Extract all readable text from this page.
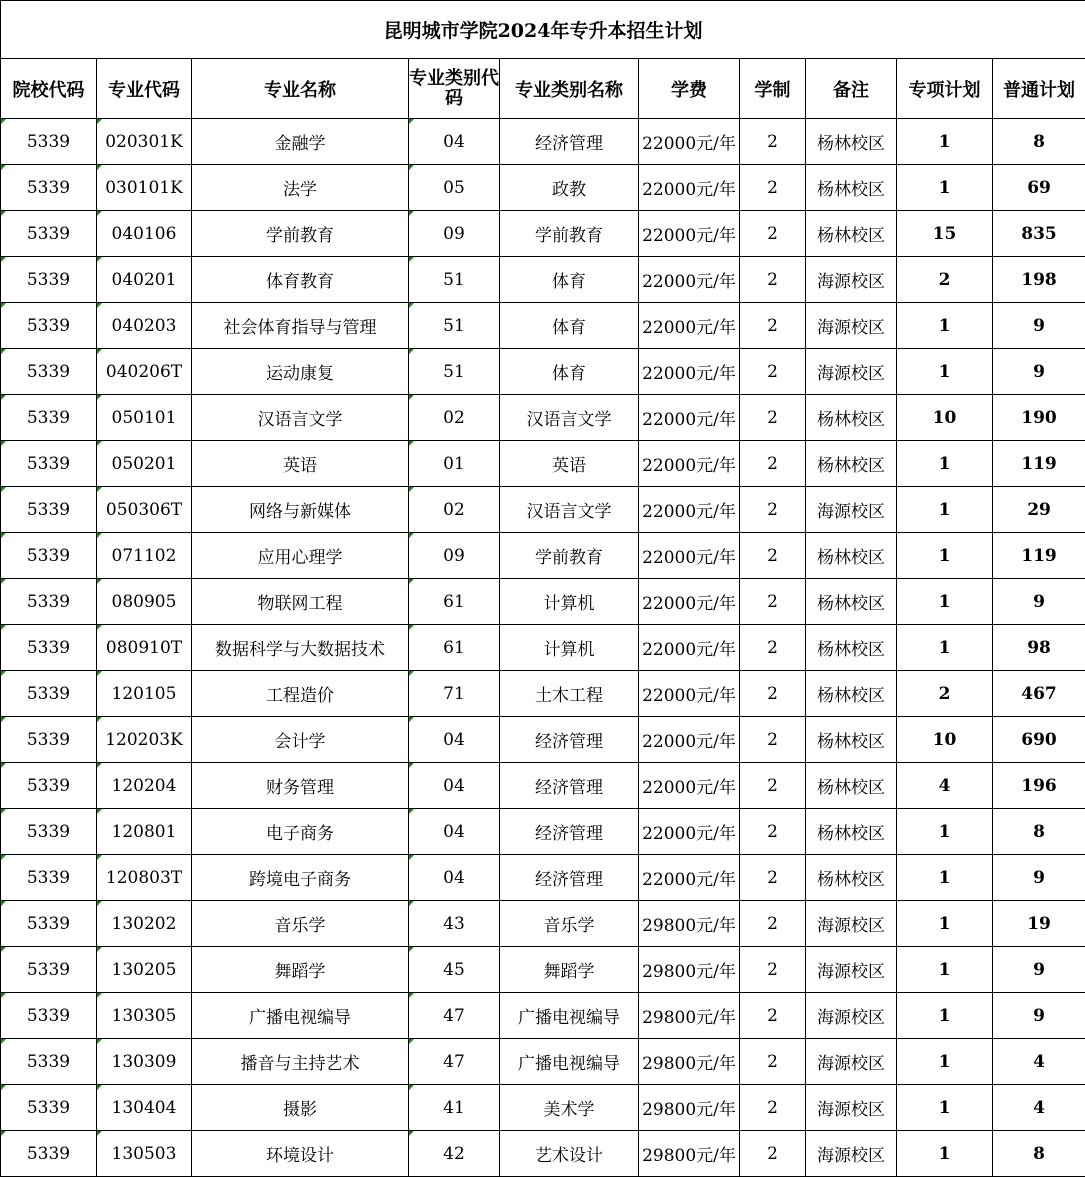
昆明城市学院2024年专升本招生计划									
院校代码	专业代码	专业名称	专业类别代 码	专业类别名称	学费	学制	备注	专项计划	普通计划
5339	020301K	金融学	04	经济管理	22000元/年	2	杨林校区	1	8
5339	030101K	法学	05	政教	22000元/年	2	杨林校区	1	69
5339	040106	学前教育	09	学前教育	22000元/年	2	杨林校区	15	835
5339	040201	体育教育	51	体育	22000元/年	2	海源校区	2	198
5339	040203	社会体育指导与管理	51	体育	22000元/年	2	海源校区	1	9
5339	040206T	运动康复	51	体育	22000元/年	2	海源校区	1	9
5339	050101	汉语言文学	02	汉语言文学	22000元/年	2	杨林校区	10	190
5339	050201	英语	01	英语	22000元/年	2	杨林校区	1	119
5339	050306T	网络与新媒体	02	汉语言文学	22000元/年	2	海源校区	1	29
5339	071102	应用心理学	09	学前教育	22000元/年	2	杨林校区	1	119
5339	080905	物联网工程	61	计算机	22000元/年	2	杨林校区	1	9
5339	080910T	数据科学与大数据技术	61	计算机	22000元/年	2	杨林校区	1	98
5339	120105	工程造价	71	土木工程	22000元/年	2	杨林校区	2	467
5339	120203K	会计学	04	经济管理	22000元/年	2	杨林校区	10	690
5339	120204	财务管理	04	经济管理	22000元/年	2	杨林校区	4	196
5339	120801	电子商务	04	经济管理	22000元/年	2	杨林校区	1	8
5339	120803T	跨境电子商务	04	经济管理	22000元/年	2	杨林校区	1	9
5339	130202	音乐学	43	音乐学	29800元/年	2	海源校区	1	19
5339	130205	舞蹈学	45	舞蹈学	29800元/年	2	海源校区	1	9
5339	130305	广播电视编导	47	广播电视编导	29800元/年	2	海源校区	1	9
5339	130309	播音与主持艺术	47	广播电视编导	29800元/年	2	海源校区	1	4
5339	130404	摄影	41	美术学	29800元/年	2	海源校区	1	4
5339	130503	环境设计	42	艺术设计	29800元/年	2	海源校区	1	8
